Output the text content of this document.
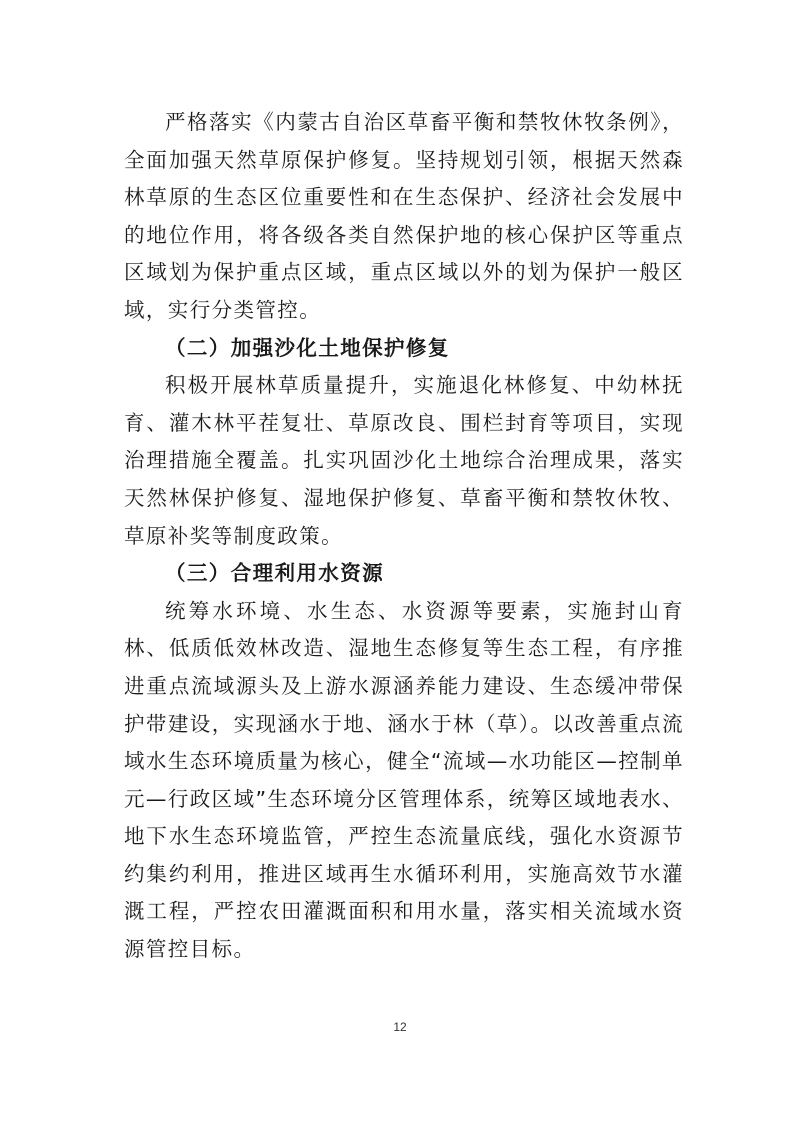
严格落实《内蒙古自治区草畜平衡和禁牧休牧条例》，全面加强天然草原保护修复。坚持规划引领，根据天然森林草原的生态区位重要性和在生态保护、经济社会发展中的地位作用，将各级各类自然保护地的核心保护区等重点区域划为保护重点区域，重点区域以外的划为保护一般区域，实行分类管控。

（二）加强沙化土地保护修复

积极开展林草质量提升，实施退化林修复、中幼林抚育、灌木林平茬复壮、草原改良、围栏封育等项目，实现治理措施全覆盖。扎实巩固沙化土地综合治理成果，落实天然林保护修复、湿地保护修复、草畜平衡和禁牧休牧、草原补奖等制度政策。

（三）合理利用水资源

统筹水环境、水生态、水资源等要素，实施封山育林、低质低效林改造、湿地生态修复等生态工程，有序推进重点流域源头及上游水源涵养能力建设、生态缓冲带保护带建设，实现涵水于地、涵水于林（草）。以改善重点流域水生态环境质量为核心，健全“流域—水功能区—控制单元—行政区域”生态环境分区管理体系，统筹区域地表水、地下水生态环境监管，严控生态流量底线，强化水资源节约集约利用，推进区域再生水循环利用，实施高效节水灌溉工程，严控农田灌溉面积和用水量，落实相关流域水资源管控目标。

12
